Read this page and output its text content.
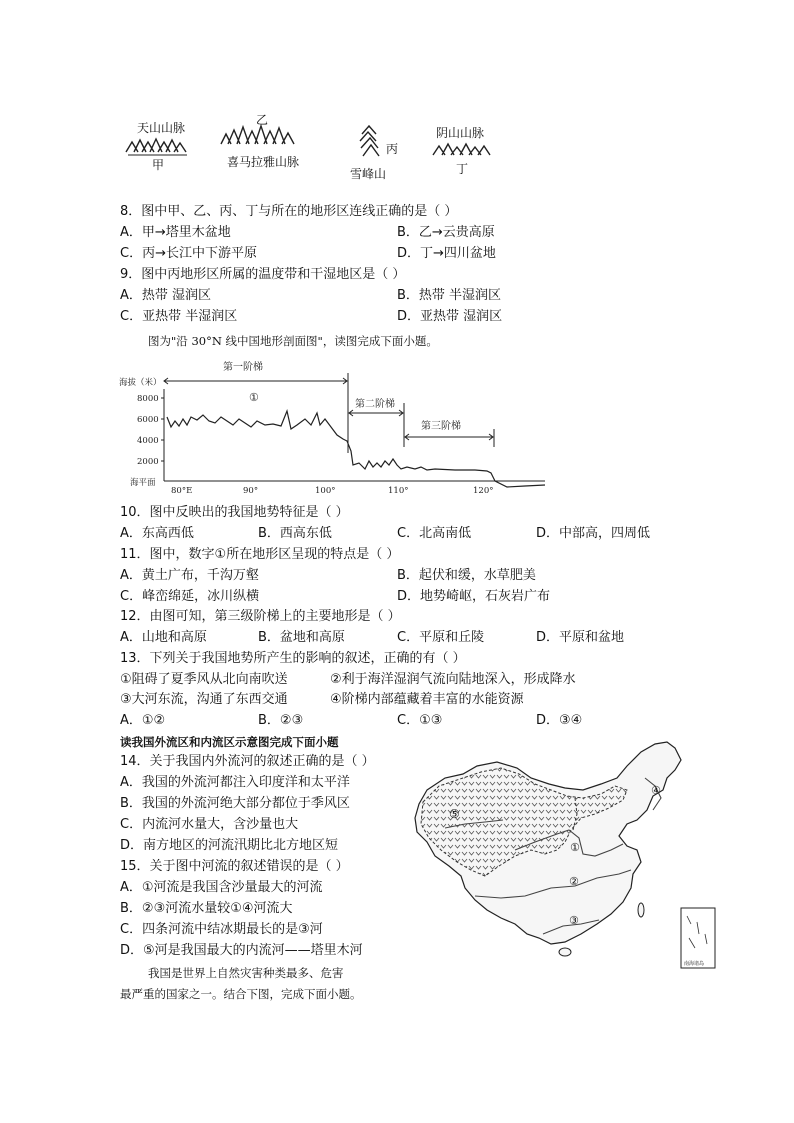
天山山脉
甲
乙
喜马拉雅山脉
丙
雪峰山
阴山山脉
丁
8．图中甲、乙、丙、丁与所在的地形区连线正确的是（ ）
A．甲→塔里木盆地	B．乙→云贵高原
C．丙→长江中下游平原	D．丁→四川盆地
9．图中丙地形区所属的温度带和干湿地区是（ ）
A．热带 湿润区	B．热带 半湿润区
C．亚热带 半湿润区	D．亚热带 湿润区
图为"沿 30°N 线中国地形剖面图"，读图完成下面小题。
海拔（米）
8000
6000
4000
2000
海平面
80°E	90°	100°	110°	120°
第一阶梯
①
第二阶梯
第三阶梯
10．图中反映出的我国地势特征是（ ）
A．东高西低	B．西高东低	C．北高南低	D．中部高，四周低
11．图中，数字①所在地形区呈现的特点是（ ）
A．黄土广布，千沟万壑	B．起伏和缓，水草肥美
C．峰峦绵延，冰川纵横	D．地势崎岖，石灰岩广布
12．由图可知，第三级阶梯上的主要地形是（ ）
A．山地和高原	B．盆地和高原	C．平原和丘陵	D．平原和盆地
13．下列关于我国地势所产生的影响的叙述，正确的有（ ）
①阻碍了夏季风从北向南吹送	②利于海洋湿润气流向陆地深入，形成降水
③大河东流，沟通了东西交通	④阶梯内部蕴藏着丰富的水能资源
A．①②	B．②③	C．①③	D．③④
读我国外流区和内流区示意图完成下面小题
14．关于我国内外流河的叙述正确的是（ ）
A．我国的外流河都注入印度洋和太平洋
B．我国的外流河绝大部分都位于季风区
C．内流河水量大，含沙量也大
D．南方地区的河流汛期比北方地区短
15．关于图中河流的叙述错误的是（ ）
A．①河流是我国含沙量最大的河流
B．②③河流水量较①④河流大
C．四条河流中结冰期最长的是③河
D．⑤河是我国最大的内流河——塔里木河
⑤
①
②
③
④
南海诸岛
我国是世界上自然灾害种类最多、危害
最严重的国家之一。结合下图，完成下面小题。
